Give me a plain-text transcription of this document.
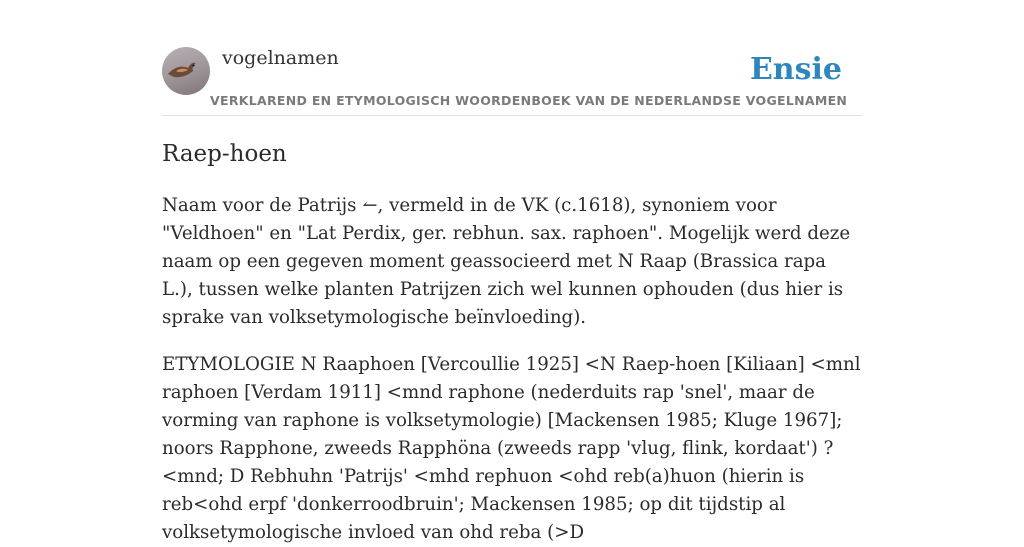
vogelnamen	Ensie
VERKLAREND EN ETYMOLOGISCH WOORDENBOEK VAN DE NEDERLANDSE VOGELNAMEN
Raep-hoen

Naam voor de Patrijs ↼, vermeld in de VK (c.1618), synoniem voor "Veldhoen" en "Lat Perdix, ger. rebhun. sax. raphoen". Mogelijk werd deze naam op een gegeven moment geassocieerd met N Raap (Brassica rapa L.), tussen welke planten Patrijzen zich wel kunnen ophouden (dus hier is sprake van volksetymologische beïnvloeding).

ETYMOLOGIE N Raaphoen [Vercoullie 1925] <N Raep-hoen [Kiliaan] <mnl raphoen [Verdam 1911] <mnd raphone (nederduits rap 'snel', maar de vorming van raphone is volksetymologie) [Mackensen 1985; Kluge 1967]; noors Rapphone, zweeds Rapphöna (zweeds rapp 'vlug, flink, kordaat') ?<mnd; D Rebhuhn 'Patrijs' <mhd rephuon <ohd reb(a)huon (hierin is reb<ohd erpf 'donkerroodbruin'; Mackensen 1985; op dit tijdstip al volksetymologische invloed van ohd reba (>D
